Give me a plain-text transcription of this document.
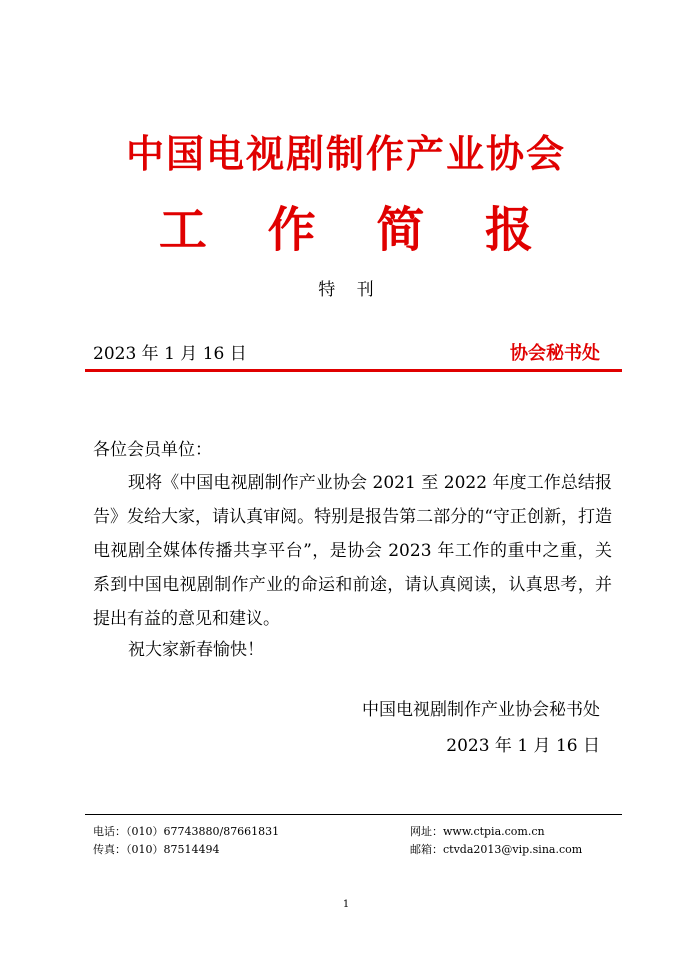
中国电视剧制作产业协会
工 作 简 报
特 刊
2023 年 1 月 16 日	协会秘书处
各位会员单位：
现将《中国电视剧制作产业协会 2021 至 2022 年度工作总结报告》发给大家，请认真审阅。特别是报告第二部分的“守正创新，打造电视剧全媒体传播共享平台”，是协会 2023 年工作的重中之重，关系到中国电视剧制作产业的命运和前途，请认真阅读，认真思考，并提出有益的意见和建议。
祝大家新春愉快！
中国电视剧制作产业协会秘书处
2023 年 1 月 16 日
电话：（010）67743880/87661831
传真：（010）87514494
网址：www.ctpia.com.cn
邮箱：ctvda2013@vip.sina.com
1
